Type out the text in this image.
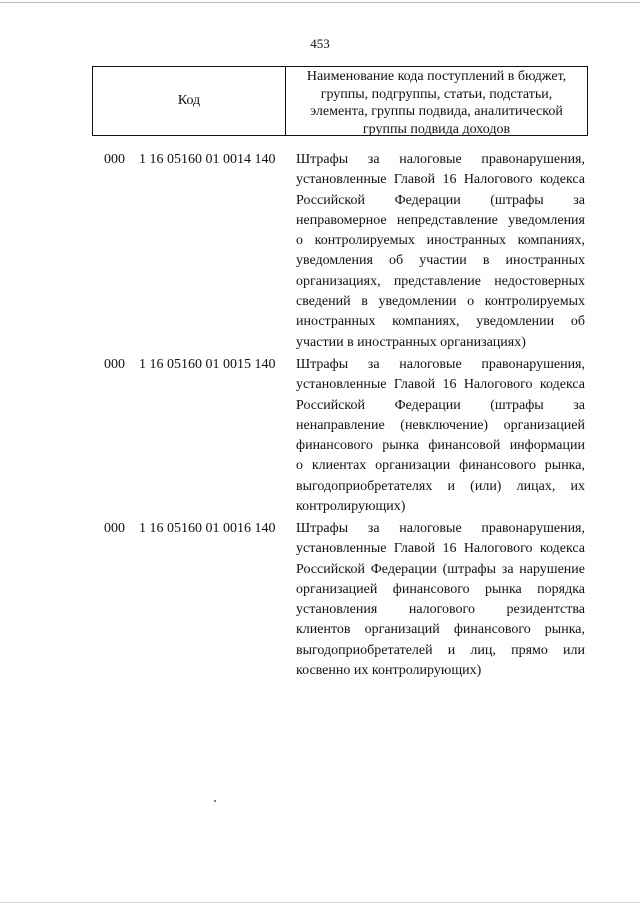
453
Код
Наименование кода поступлений в бюджет,
группы, подгруппы, статьи, подстатьи,
элемента, группы подвида, аналитической
группы подвида доходов
000 1 16 05160 01 0014 140 Штрафы за налоговые правонарушения,
установленные Главой 16 Налогового кодекса
Российской Федерации (штрафы за
неправомерное непредставление уведомления
о контролируемых иностранных компаниях,
уведомления об участии в иностранных
организациях, представление недостоверных
сведений в уведомлении о контролируемых
иностранных компаниях, уведомлении об
участии в иностранных организациях)
000 1 16 05160 01 0015 140 Штрафы за налоговые правонарушения,
установленные Главой 16 Налогового кодекса
Российской Федерации (штрафы за
ненаправление (невключение) организацией
финансового рынка финансовой информации
о клиентах организации финансового рынка,
выгодоприобретателях и (или) лицах, их
контролирующих)
000 1 16 05160 01 0016 140 Штрафы за налоговые правонарушения,
установленные Главой 16 Налогового кодекса
Российской Федерации (штрафы за нарушение
организацией финансового рынка порядка
установления налогового резидентства
клиентов организаций финансового рынка,
выгодоприобретателей и лиц, прямо или
косвенно их контролирующих)
